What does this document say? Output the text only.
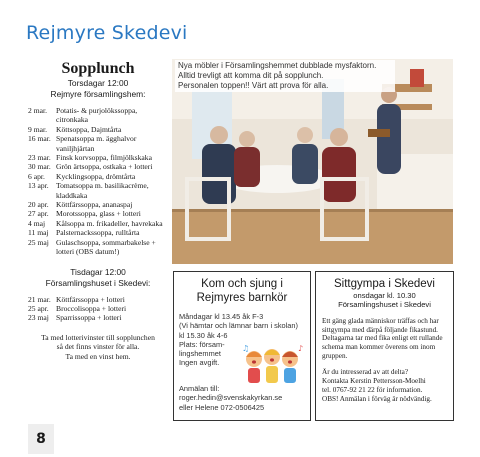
Rejmyre Skedevi
Sopplunch
Torsdagar 12:00
Rejmyre församlingshem:
2 mar.	Potatis- & purjolökssoppa, citronkaka
9 mar.	Köttsoppa, Dajmtårta
16 mar. Spenatsoppa m. ägghalvor vaniljhjärtan
23 mar. Finsk korvsoppa, filmjölkskaka
30 mar. Grön ärtsoppa, ostkaka + lotteri
6 apr.	Kycklingsoppa, drömtårta
13 apr. Tomatsoppa m. basilikacrème, kladdkaka
20 apr. Köttfärssoppa, ananaspaj
27 apr. Morotssoppa, glass + lotteri
4 maj	Kålsoppa m. frikadeller, havrekaka
11 maj Palsternackssoppa, rulltårta
25 maj Gulaschsoppa, sommarbakelse + lotteri (OBS datum!)
Tisdagar 12:00
Församlingshuset i Skedevi:
21 mar. Köttfärssoppa + lotteri
25 apr. Broccolisoppa + lotteri
23 maj Sparrissoppa + lotteri
Ta med lotterivinster till sopplunchen
så det finns vinster för alla.
Ta med en vinst hem.
Nya möbler i Församlingshemmet dubblade mysfaktorn.
Alltid trevligt att komma dit på sopplunch.
Personalen toppen!! Värt att prova för alla.
Kom och sjung i
Rejmyres barnkör
Måndagar kl 13.45 åk F-3
(Vi hämtar och lämnar barn i skolan)
kl 15.30 åk 4-6
Plats: försam-
lingshemmet
Ingen avgift.
♪
♫
Anmälan till:
roger.hedin@svenskakyrkan.se
eller Helene 072-0506425
Sittgympa i Skedevi
onsdagar kl. 10.30
Församlingshuset i Skedevi

Ett gäng glada människor träffas och har sittgympa med därpå följande fikastund. Deltagarna tar med fika enligt ett rullande schema man kommer överens om inom gruppen.

Är du intresserad av att delta?
Kontakta Kerstin Pettersson-Moelhi
tel. 0767-92 21 22 för information.
OBS! Anmälan i förväg är nödvändig.
8
